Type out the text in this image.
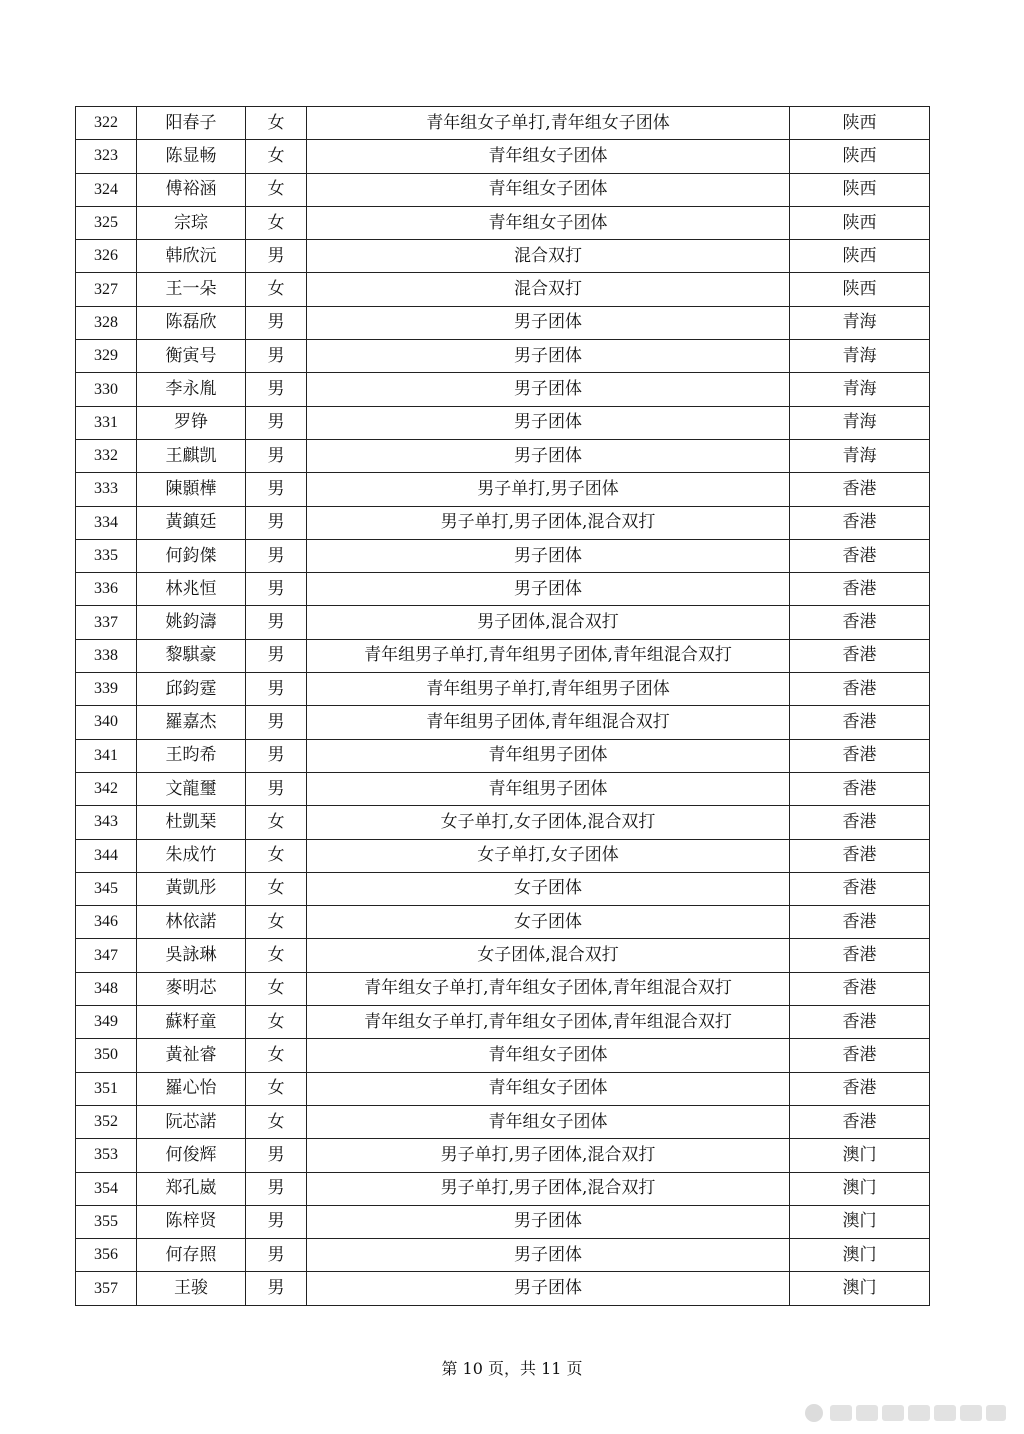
322	阳春子	女	青年组女子单打,青年组女子团体	陕西
323	陈显畅	女	青年组女子团体	陕西
324	傅裕涵	女	青年组女子团体	陕西
325	宗琮	女	青年组女子团体	陕西
326	韩欣沅	男	混合双打	陕西
327	王一朵	女	混合双打	陕西
328	陈磊欣	男	男子团体	青海
329	衡寅号	男	男子团体	青海
330	李永胤	男	男子团体	青海
331	罗铮	男	男子团体	青海
332	王麒凯	男	男子团体	青海
333	陳顥樺	男	男子单打,男子团体	香港
334	黃鎮廷	男	男子单打,男子团体,混合双打	香港
335	何鈞傑	男	男子团体	香港
336	林兆恒	男	男子团体	香港
337	姚鈞濤	男	男子团体,混合双打	香港
338	黎騏豪	男	青年组男子单打,青年组男子团体,青年组混合双打	香港
339	邱鈞霆	男	青年组男子单打,青年组男子团体	香港
340	羅嘉杰	男	青年组男子团体,青年组混合双打	香港
341	王昀希	男	青年组男子团体	香港
342	文龍璽	男	青年组男子团体	香港
343	杜凱琹	女	女子单打,女子团体,混合双打	香港
344	朱成竹	女	女子单打,女子团体	香港
345	黃凱彤	女	女子团体	香港
346	林依諾	女	女子团体	香港
347	吳詠琳	女	女子团体,混合双打	香港
348	麥明芯	女	青年组女子单打,青年组女子团体,青年组混合双打	香港
349	蘇籽童	女	青年组女子单打,青年组女子团体,青年组混合双打	香港
350	黃祉睿	女	青年组女子团体	香港
351	羅心怡	女	青年组女子团体	香港
352	阮芯諾	女	青年组女子团体	香港
353	何俊辉	男	男子单打,男子团体,混合双打	澳门
354	郑孔崴	男	男子单打,男子团体,混合双打	澳门
355	陈梓贤	男	男子团体	澳门
356	何存照	男	男子团体	澳门
357	王骏	男	男子团体	澳门
第 10 页，共 11 页
